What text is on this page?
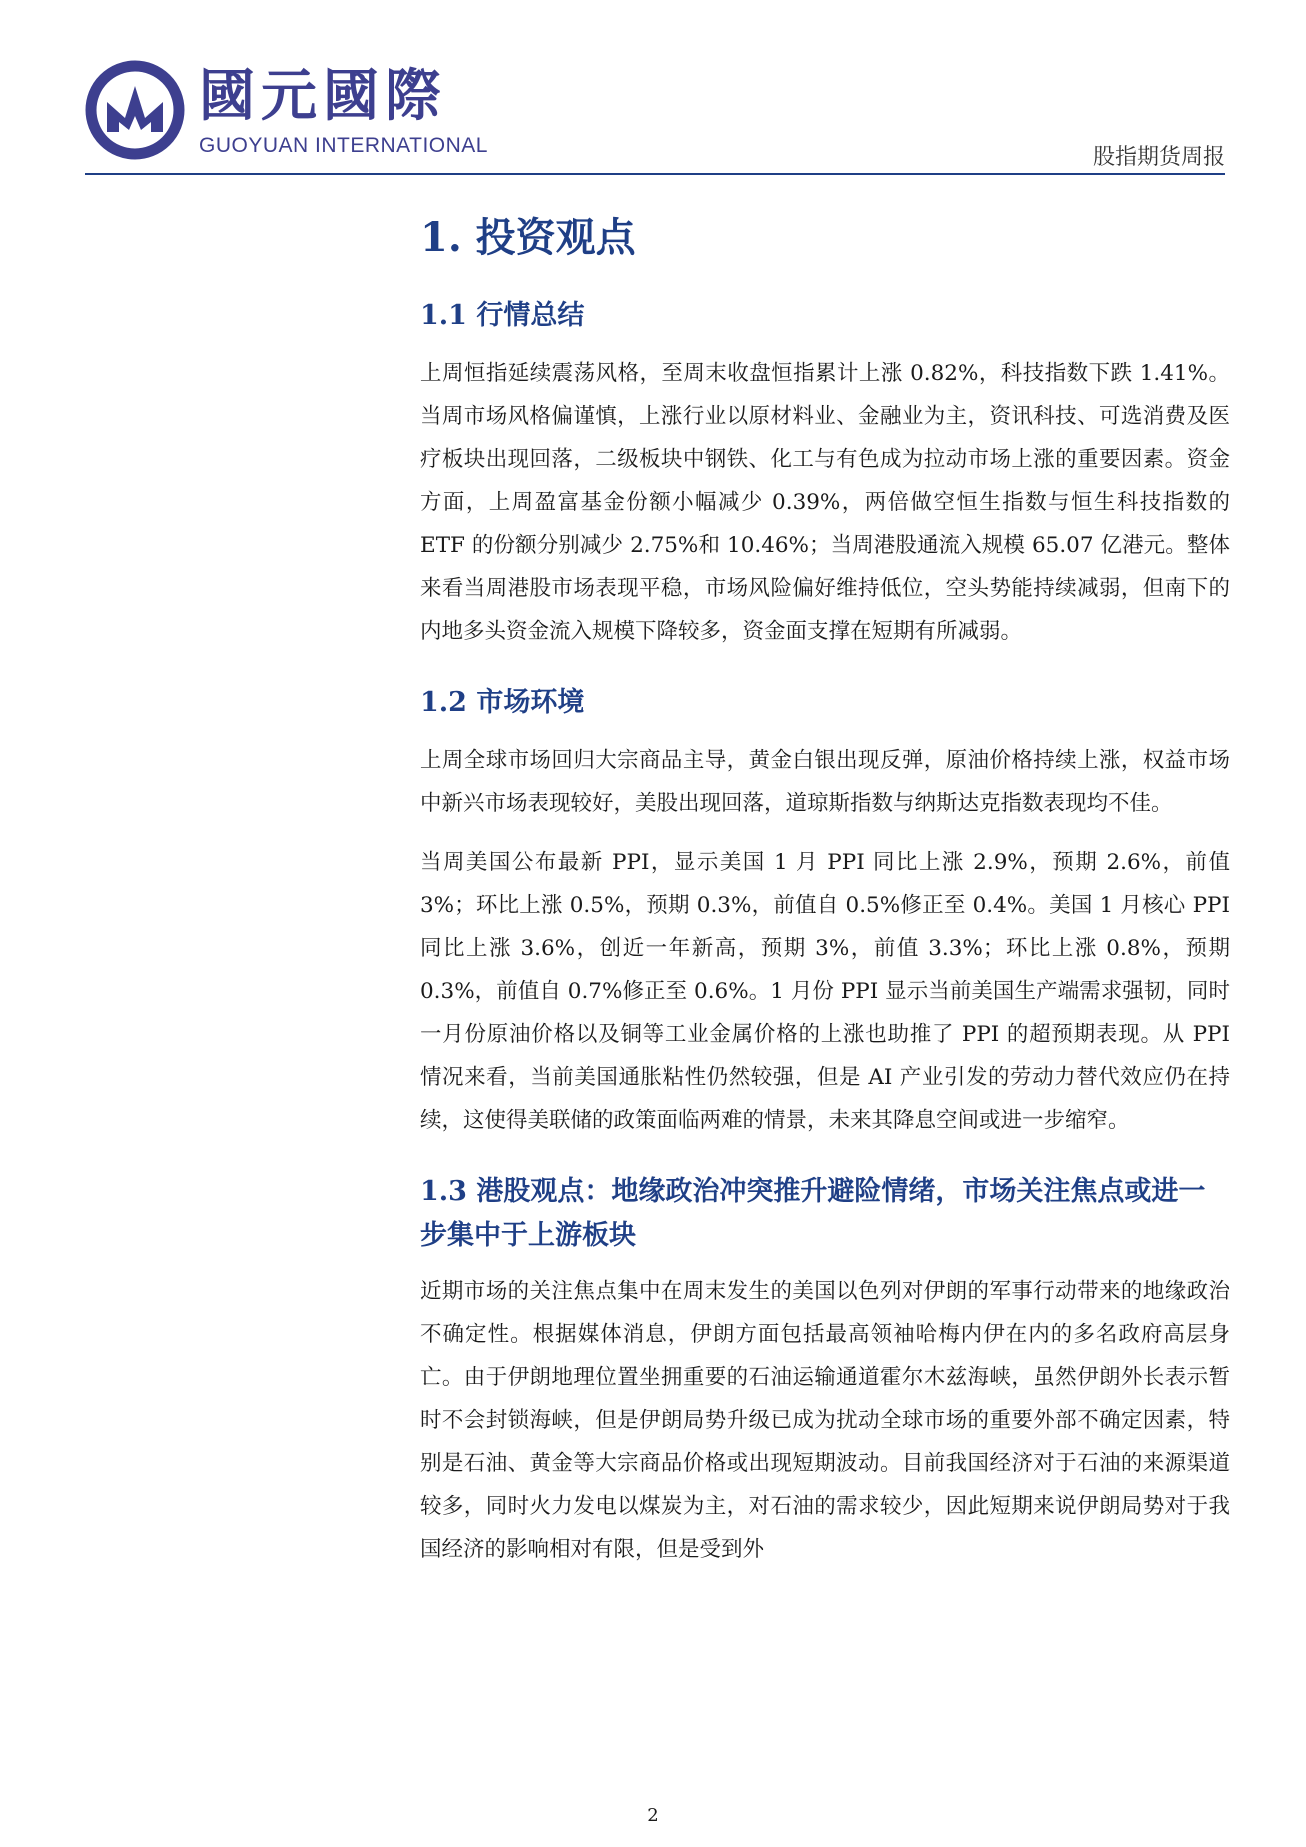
國元國際
GUOYUAN INTERNATIONAL	股指期货周报
1. 投资观点
1.1 行情总结

上周恒指延续震荡风格，至周末收盘恒指累计上涨 0.82%，科技指数下跌 1.41%。当周市场风格偏谨慎，上涨行业以原材料业、金融业为主，资讯科技、可选消费及医疗板块出现回落，二级板块中钢铁、化工与有色成为拉动市场上涨的重要因素。资金方面，上周盈富基金份额小幅减少 0.39%，两倍做空恒生指数与恒生科技指数的 ETF 的份额分别减少 2.75%和 10.46%；当周港股通流入规模 65.07 亿港元。整体来看当周港股市场表现平稳，市场风险偏好维持低位，空头势能持续减弱，但南下的内地多头资金流入规模下降较多，资金面支撑在短期有所减弱。

1.2 市场环境

上周全球市场回归大宗商品主导，黄金白银出现反弹，原油价格持续上涨，权益市场中新兴市场表现较好，美股出现回落，道琼斯指数与纳斯达克指数表现均不佳。

当周美国公布最新 PPI，显示美国 1 月 PPI 同比上涨 2.9%，预期 2.6%，前值 3%；环比上涨 0.5%，预期 0.3%，前值自 0.5%修正至 0.4%。美国 1 月核心 PPI 同比上涨 3.6%，创近一年新高，预期 3%，前值 3.3%；环比上涨 0.8%，预期 0.3%，前值自 0.7%修正至 0.6%。1 月份 PPI 显示当前美国生产端需求强韧，同时一月份原油价格以及铜等工业金属价格的上涨也助推了 PPI 的超预期表现。从 PPI 情况来看，当前美国通胀粘性仍然较强，但是 AI 产业引发的劳动力替代效应仍在持续，这使得美联储的政策面临两难的情景，未来其降息空间或进一步缩窄。

1.3 港股观点：地缘政治冲突推升避险情绪，市场关注焦点或进一步集中于上游板块

近期市场的关注焦点集中在周末发生的美国以色列对伊朗的军事行动带来的地缘政治不确定性。根据媒体消息，伊朗方面包括最高领袖哈梅内伊在内的多名政府高层身亡。由于伊朗地理位置坐拥重要的石油运输通道霍尔木兹海峡，虽然伊朗外长表示暂时不会封锁海峡，但是伊朗局势升级已成为扰动全球市场的重要外部不确定因素，特别是石油、黄金等大宗商品价格或出现短期波动。目前我国经济对于石油的来源渠道较多，同时火力发电以煤炭为主，对石油的需求较少，因此短期来说伊朗局势对于我国经济的影响相对有限，但是受到外

2
